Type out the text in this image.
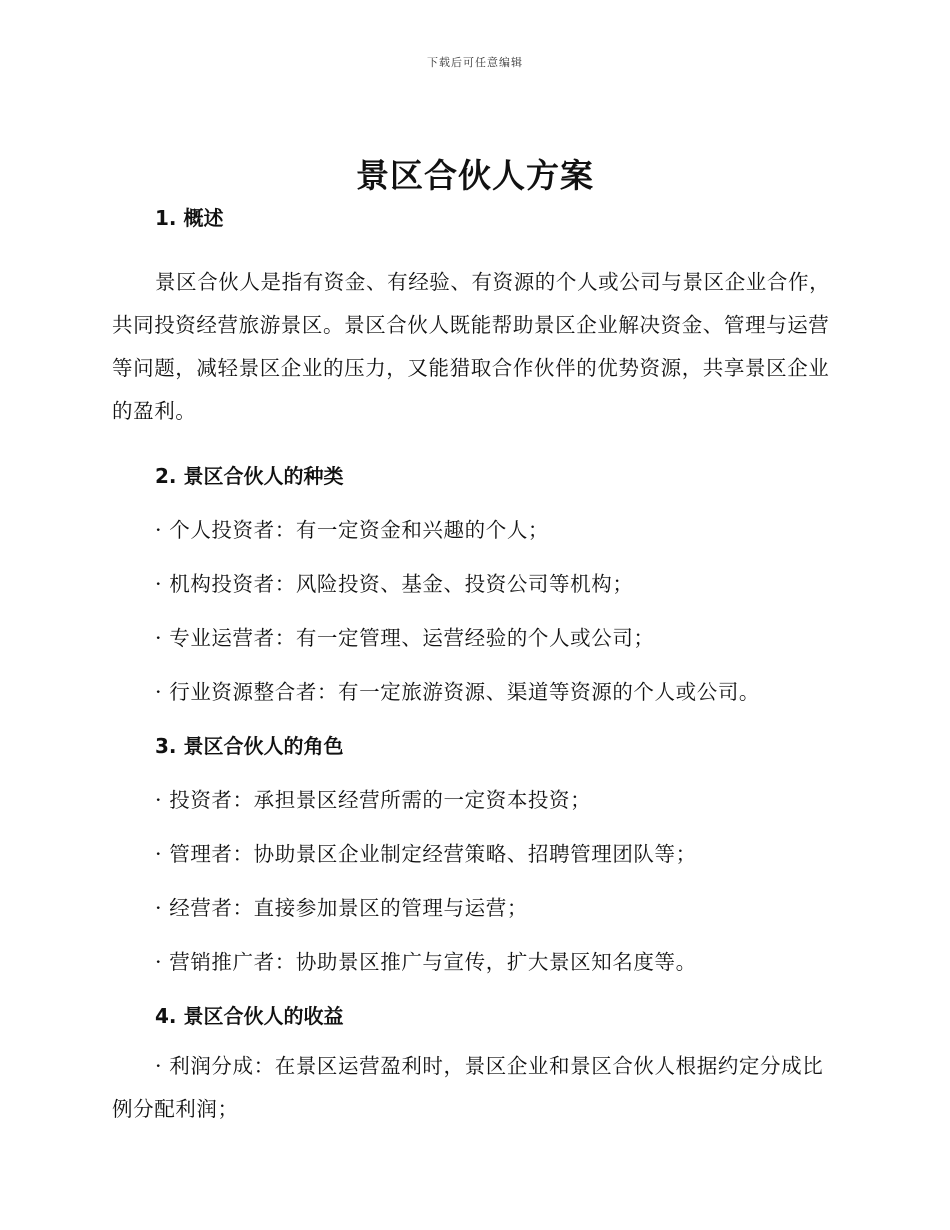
下载后可任意编辑
景区合伙人方案

1. 概述

景区合伙人是指有资金、有经验、有资源的个人或公司与景区企业合作，共同投资经营旅游景区。景区合伙人既能帮助景区企业解决资金、管理与运营等问题，减轻景区企业的压力，又能猎取合作伙伴的优势资源，共享景区企业的盈利。

2. 景区合伙人的种类

· 个人投资者：有一定资金和兴趣的个人；

· 机构投资者：风险投资、基金、投资公司等机构；

· 专业运营者：有一定管理、运营经验的个人或公司；

· 行业资源整合者：有一定旅游资源、渠道等资源的个人或公司。

3. 景区合伙人的角色

· 投资者：承担景区经营所需的一定资本投资；

· 管理者：协助景区企业制定经营策略、招聘管理团队等；

· 经营者：直接参加景区的管理与运营；

· 营销推广者：协助景区推广与宣传，扩大景区知名度等。

4. 景区合伙人的收益

· 利润分成：在景区运营盈利时，景区企业和景区合伙人根据约定分成比例分配利润；
